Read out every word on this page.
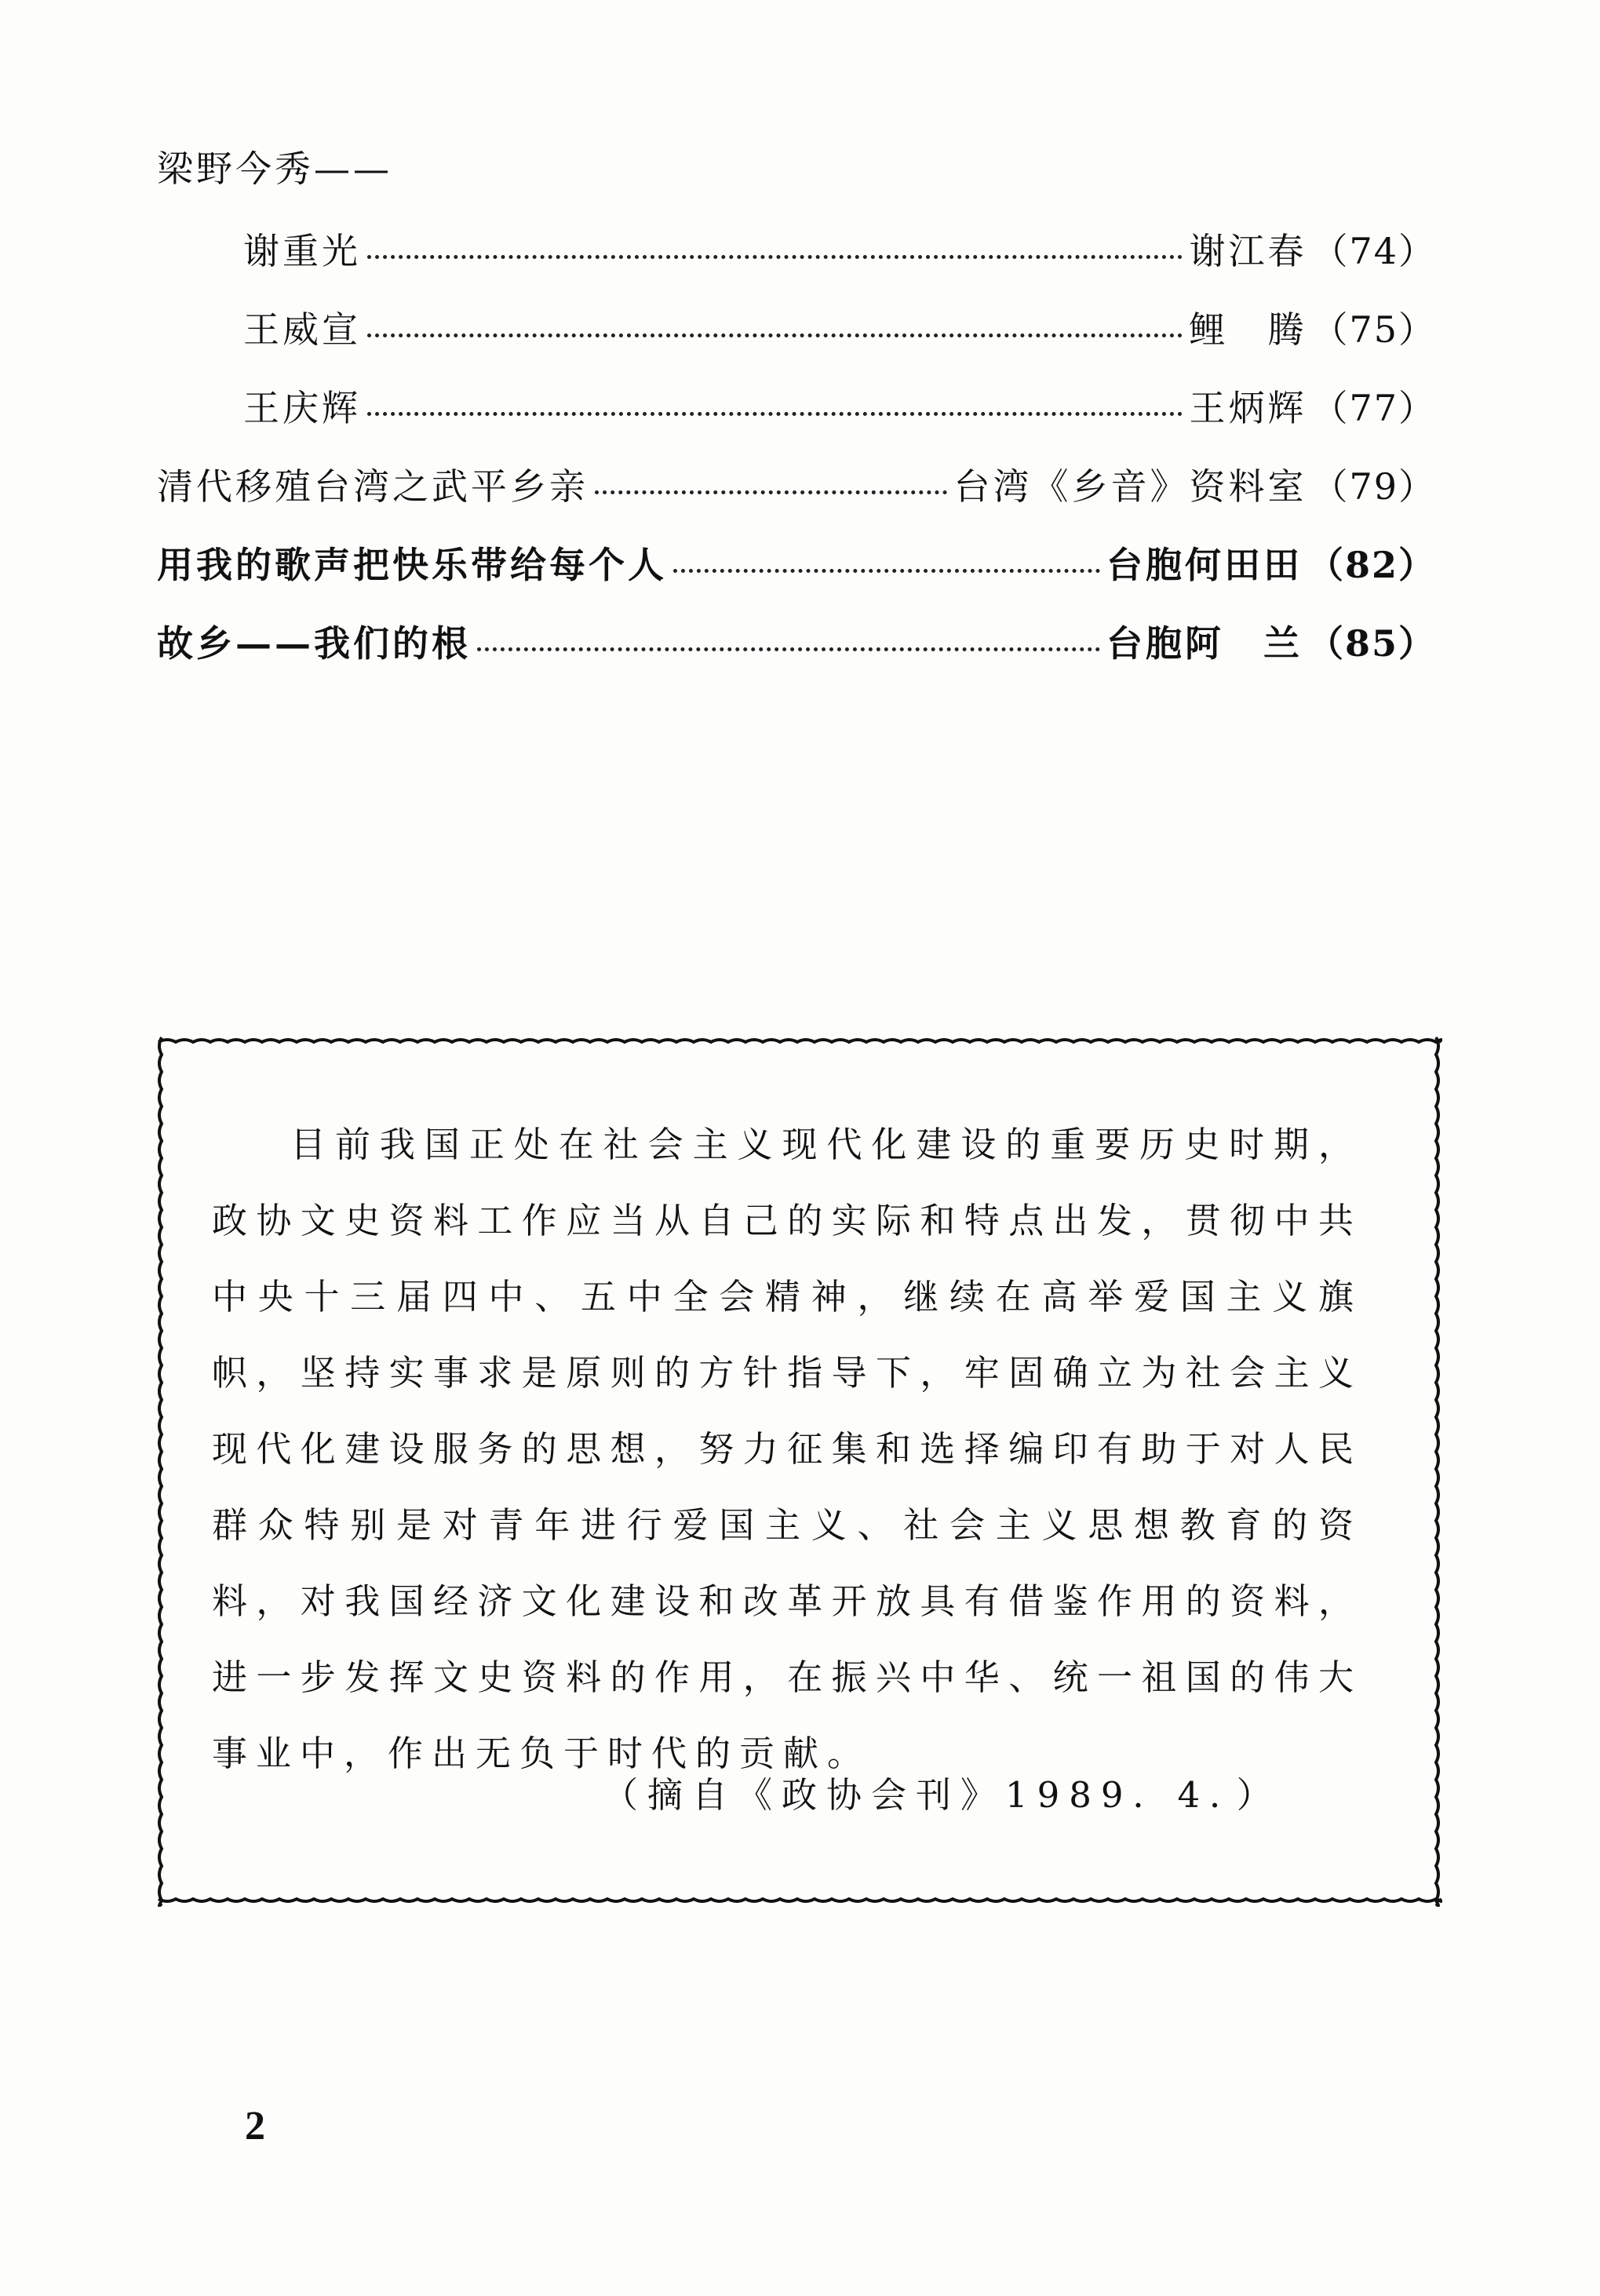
梁野今秀——
谢重光	谢江春 （74）
王威宣	鲤　腾 （75）
王庆辉	王炳辉 （77）
清代移殖台湾之武平乡亲	台湾《乡音》资料室 （79）
用我的歌声把快乐带给每个人	台胞何田田 （82）
故乡——我们的根	台胞阿　兰 （85）
目前我国正处在社会主义现代化建设的重要历史时期，政协文史资料工作应当从自己的实际和特点出发，贯彻中共中央十三届四中、五中全会精神，继续在高举爱国主义旗帜，坚持实事求是原则的方针指导下，牢固确立为社会主义现代化建设服务的思想，努力征集和选择编印有助于对人民群众特别是对青年进行爱国主义、社会主义思想教育的资料，对我国经济文化建设和改革开放具有借鉴作用的资料，进一步发挥文史资料的作用，在振兴中华、统一祖国的伟大事业中，作出无负于时代的贡献。
（摘自《政协会刊》1989．4．）
2
